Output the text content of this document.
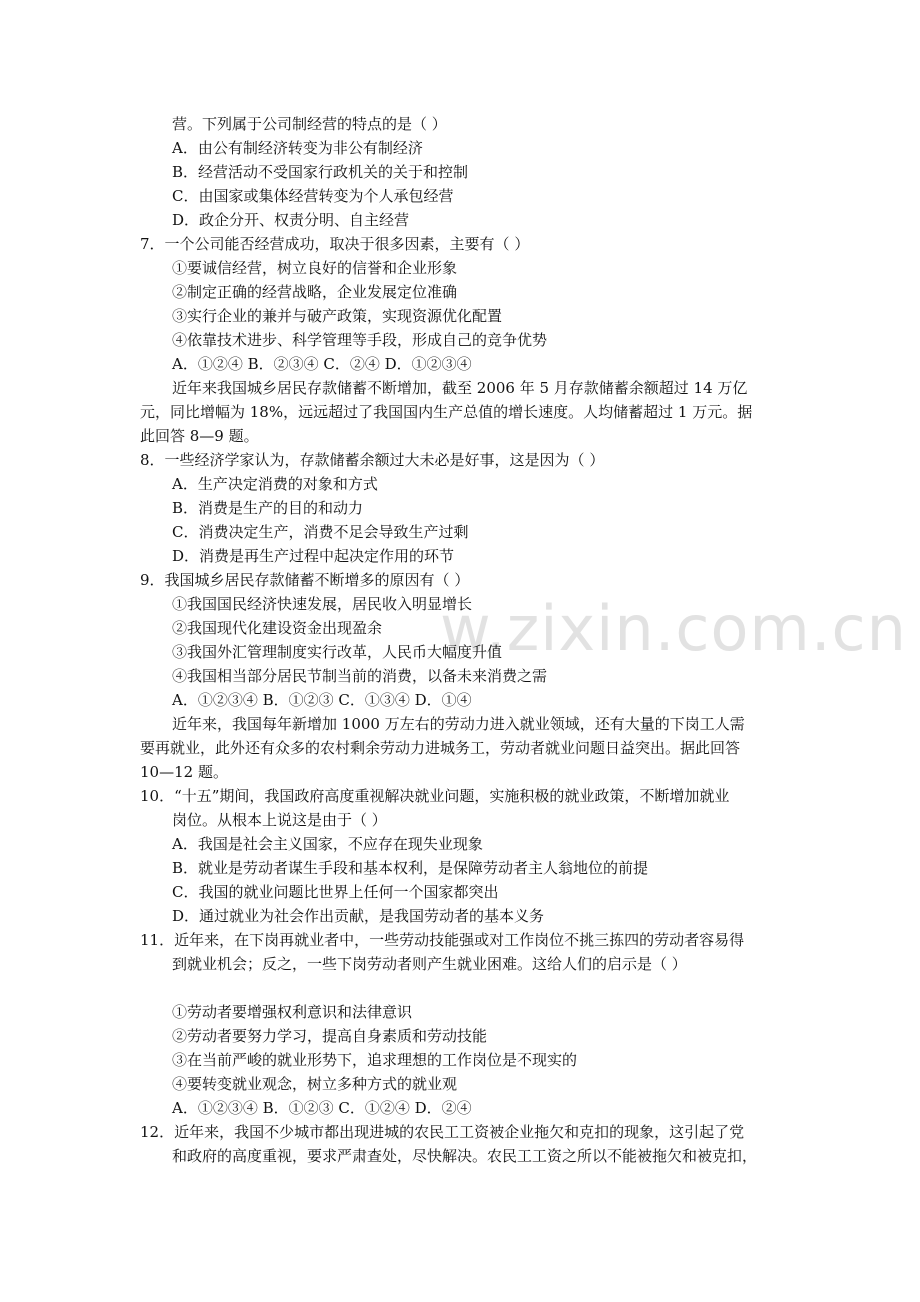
w.zixin.com.cn
营。下列属于公司制经营的特点的是（ ）
A．由公有制经济转变为非公有制经济
B．经营活动不受国家行政机关的关于和控制
C．由国家或集体经营转变为个人承包经营
D．政企分开、权责分明、自主经营
7．一个公司能否经营成功，取决于很多因素，主要有（ ）
①要诚信经营，树立良好的信誉和企业形象
②制定正确的经营战略，企业发展定位准确
③实行企业的兼并与破产政策，实现资源优化配置
④依靠技术进步、科学管理等手段，形成自己的竞争优势
A．①②④ B．②③④ C．②④ D．①②③④
近年来我国城乡居民存款储蓄不断增加，截至 2006 年 5 月存款储蓄余额超过 14 万亿
元，同比增幅为 18%，远远超过了我国国内生产总值的增长速度。人均储蓄超过 1 万元。据
此回答 8—9 题。
8．一些经济学家认为，存款储蓄余额过大未必是好事，这是因为（ ）
A．生产决定消费的对象和方式
B．消费是生产的目的和动力
C．消费决定生产，消费不足会导致生产过剩
D．消费是再生产过程中起决定作用的环节
9．我国城乡居民存款储蓄不断增多的原因有（ ）
①我国国民经济快速发展，居民收入明显增长
②我国现代化建设资金出现盈余
③我国外汇管理制度实行改革，人民币大幅度升值
④我国相当部分居民节制当前的消费，以备未来消费之需
A．①②③④ B．①②③ C．①③④ D．①④
近年来，我国每年新增加 1000 万左右的劳动力进入就业领域，还有大量的下岗工人需
要再就业，此外还有众多的农村剩余劳动力进城务工，劳动者就业问题日益突出。据此回答
10—12 题。
10．“十五”期间，我国政府高度重视解决就业问题，实施积极的就业政策，不断增加就业
岗位。从根本上说这是由于（ ）
A．我国是社会主义国家，不应存在现失业现象
B．就业是劳动者谋生手段和基本权利，是保障劳动者主人翁地位的前提
C．我国的就业问题比世界上任何一个国家都突出
D．通过就业为社会作出贡献，是我国劳动者的基本义务
11．近年来，在下岗再就业者中，一些劳动技能强或对工作岗位不挑三拣四的劳动者容易得
到就业机会；反之，一些下岗劳动者则产生就业困难。这给人们的启示是（ ）
①劳动者要增强权利意识和法律意识
②劳动者要努力学习，提高自身素质和劳动技能
③在当前严峻的就业形势下，追求理想的工作岗位是不现实的
④要转变就业观念，树立多种方式的就业观
A．①②③④ B．①②③ C．①②④ D．②④
12．近年来，我国不少城市都出现进城的农民工工资被企业拖欠和克扣的现象，这引起了党
和政府的高度重视，要求严肃查处，尽快解决。农民工工资之所以不能被拖欠和被克扣，
